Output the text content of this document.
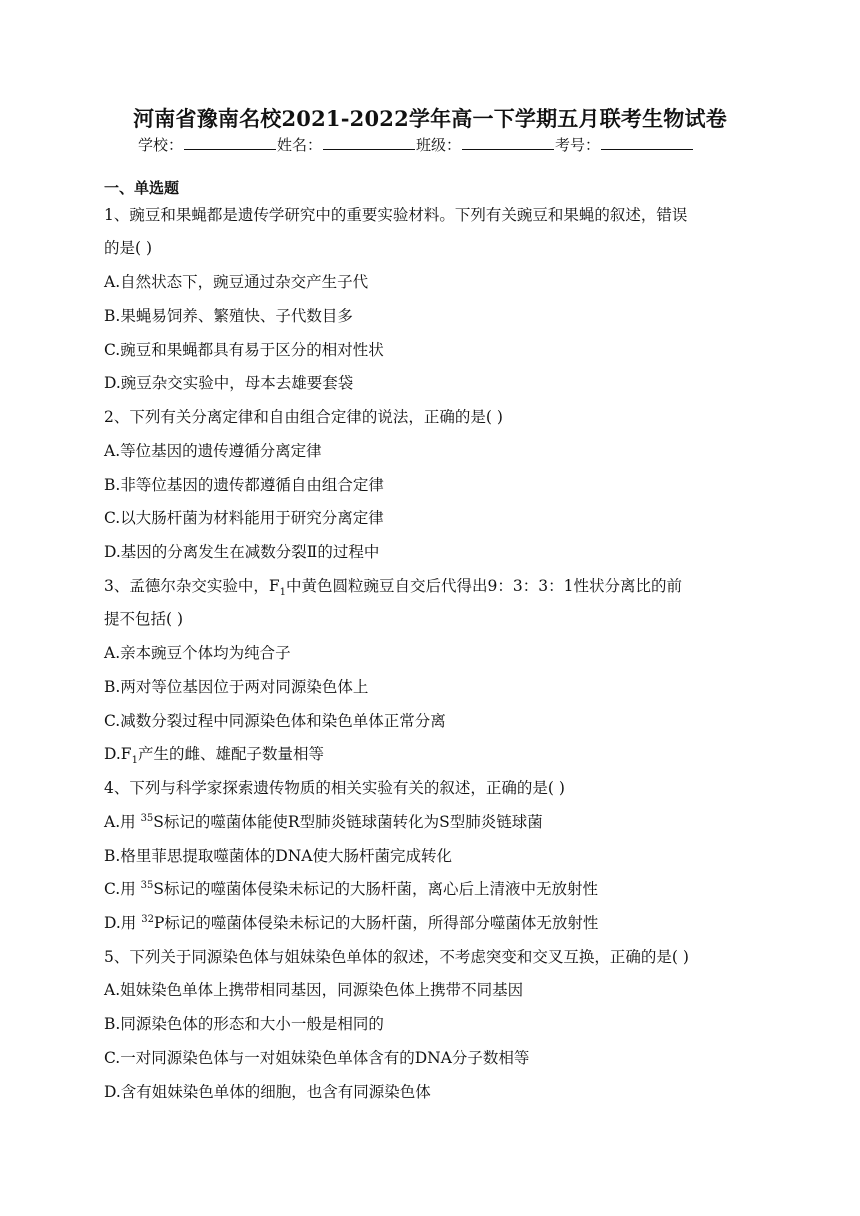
河南省豫南名校2021-2022学年高一下学期五月联考生物试卷
学校：	姓名：	班级：	考号：
一、单选题
1、豌豆和果蝇都是遗传学研究中的重要实验材料。下列有关豌豆和果蝇的叙述，错误
的是( )
A.自然状态下，豌豆通过杂交产生子代
B.果蝇易饲养、繁殖快、子代数目多
C.豌豆和果蝇都具有易于区分的相对性状
D.豌豆杂交实验中，母本去雄要套袋
2、下列有关分离定律和自由组合定律的说法，正确的是( )
A.等位基因的遗传遵循分离定律
B.非等位基因的遗传都遵循自由组合定律
C.以大肠杆菌为材料能用于研究分离定律
D.基因的分离发生在减数分裂Ⅱ的过程中
3、孟德尔杂交实验中，$F_1$中黄色圆粒豌豆自交后代得出9：3：3：1性状分离比的前
提不包括( )
A.亲本豌豆个体均为纯合子
B.两对等位基因位于两对同源染色体上
C.减数分裂过程中同源染色体和染色单体正常分离
$D.F_1$产生的雌、雄配子数量相等
4、下列与科学家探索遗传物质的相关实验有关的叙述，正确的是( )
A.用 $^{35}$S标记的噬菌体能使R型肺炎链球菌转化为S型肺炎链球菌
B.格里菲思提取噬菌体的DNA使大肠杆菌完成转化
C.用 $^{35}$S标记的噬菌体侵染未标记的大肠杆菌，离心后上清液中无放射性
D.用 $^{32}$P标记的噬菌体侵染未标记的大肠杆菌，所得部分噬菌体无放射性
5、下列关于同源染色体与姐妹染色单体的叙述，不考虑突变和交叉互换，正确的是( )
A.姐妹染色单体上携带相同基因，同源染色体上携带不同基因
B.同源染色体的形态和大小一般是相同的
C.一对同源染色体与一对姐妹染色单体含有的DNA分子数相等
D.含有姐妹染色单体的细胞，也含有同源染色体
